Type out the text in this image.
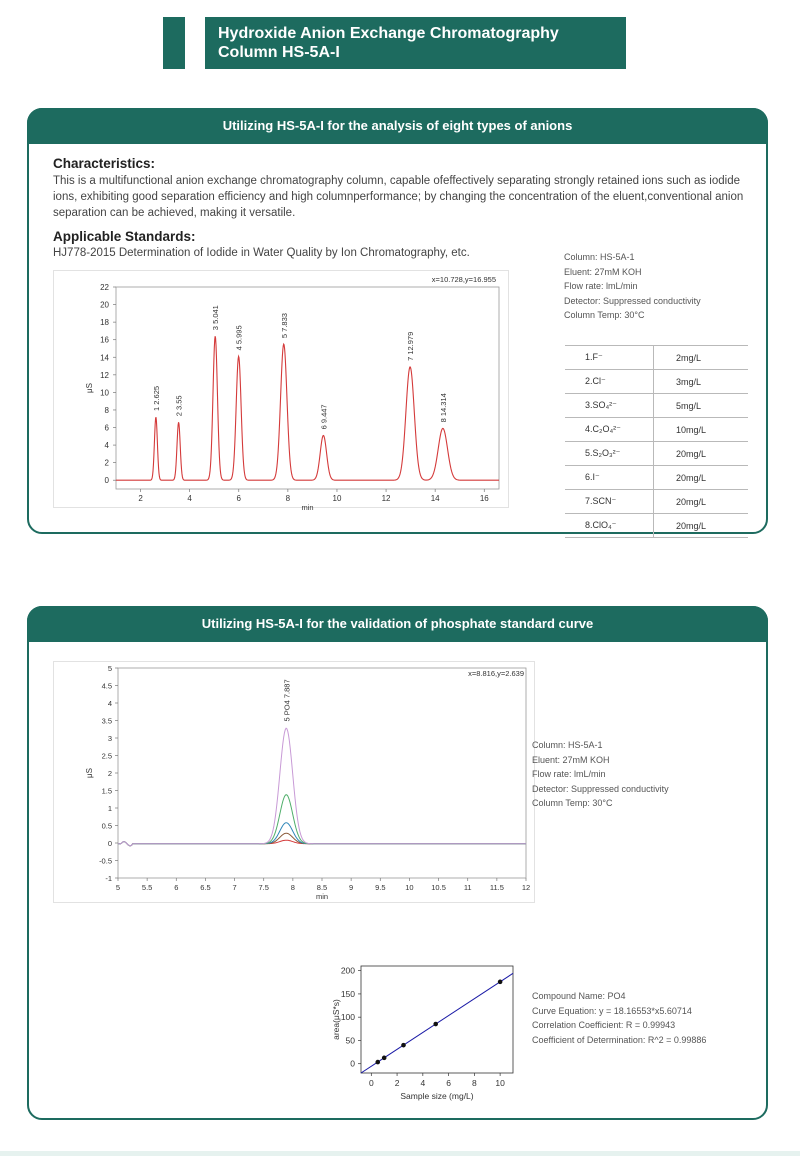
Hydroxide Anion Exchange Chromatography
Column HS-5A-I
Utilizing HS-5A-I for the analysis of eight types of anions
Characteristics:
This is a multifunctional anion exchange chromatography column, capable ofeffectively separating strongly retained ions such as iodide ions, exhibiting good separation efficiency and high columnperformance; by changing the concentration of the eluent,conventional anion separation can be achieved, making it versatile.
Applicable Standards:
HJ778-2015 Determination of Iodide in Water Quality by Ion Chromatography, etc.
0
2
4
6
8
10
12
14
16
18
20
22
2	4	6	8	10	12	14	16
min
μS
x=10.728,y=16.955
1 2.625 2 3.55
3 5.041
4 5.995	5 7.833
6 9.447
7 12.979
8 14.314
Column: HS-5A-1
Eluent: 27mM KOH
Flow rate: lmL/min
Detector: Suppressed conductivity
Column Temp: 30°C
1.F⁻	2mg/L
2.Cl⁻	3mg/L
3.SO₄²⁻	5mg/L
4.C₂O₄²⁻	10mg/L
5.S₂O₃²⁻	20mg/L
6.I⁻	20mg/L
7.SCN⁻	20mg/L
8.ClO₄⁻	20mg/L
Utilizing HS-5A-I for the validation of phosphate standard curve
-1
-0.5
0
0.5
1
1.5
2
2.5
3
3.5
4
4.5
5
5	5.5	6	6.5	7	7.5	8	8.5	9	9.5	10 10.5 11 11.5 12
min
μS
x=8.816,y=2.639
5 PO4 7.887
Column: HS-5A-1
Eluent: 27mM KOH
Flow rate: lmL/min
Detector: Suppressed conductivity
Column Temp: 30°C
0
50
100
150
200
0 2 4 6 8 10
Sample size (mg/L)
area(μS*s)
Compound Name: PO4
Curve Equation: y = 18.16553*x5.60714
Correlation Coefficient: R = 0.99943
Coefficient of Determination: R^2 = 0.99886
